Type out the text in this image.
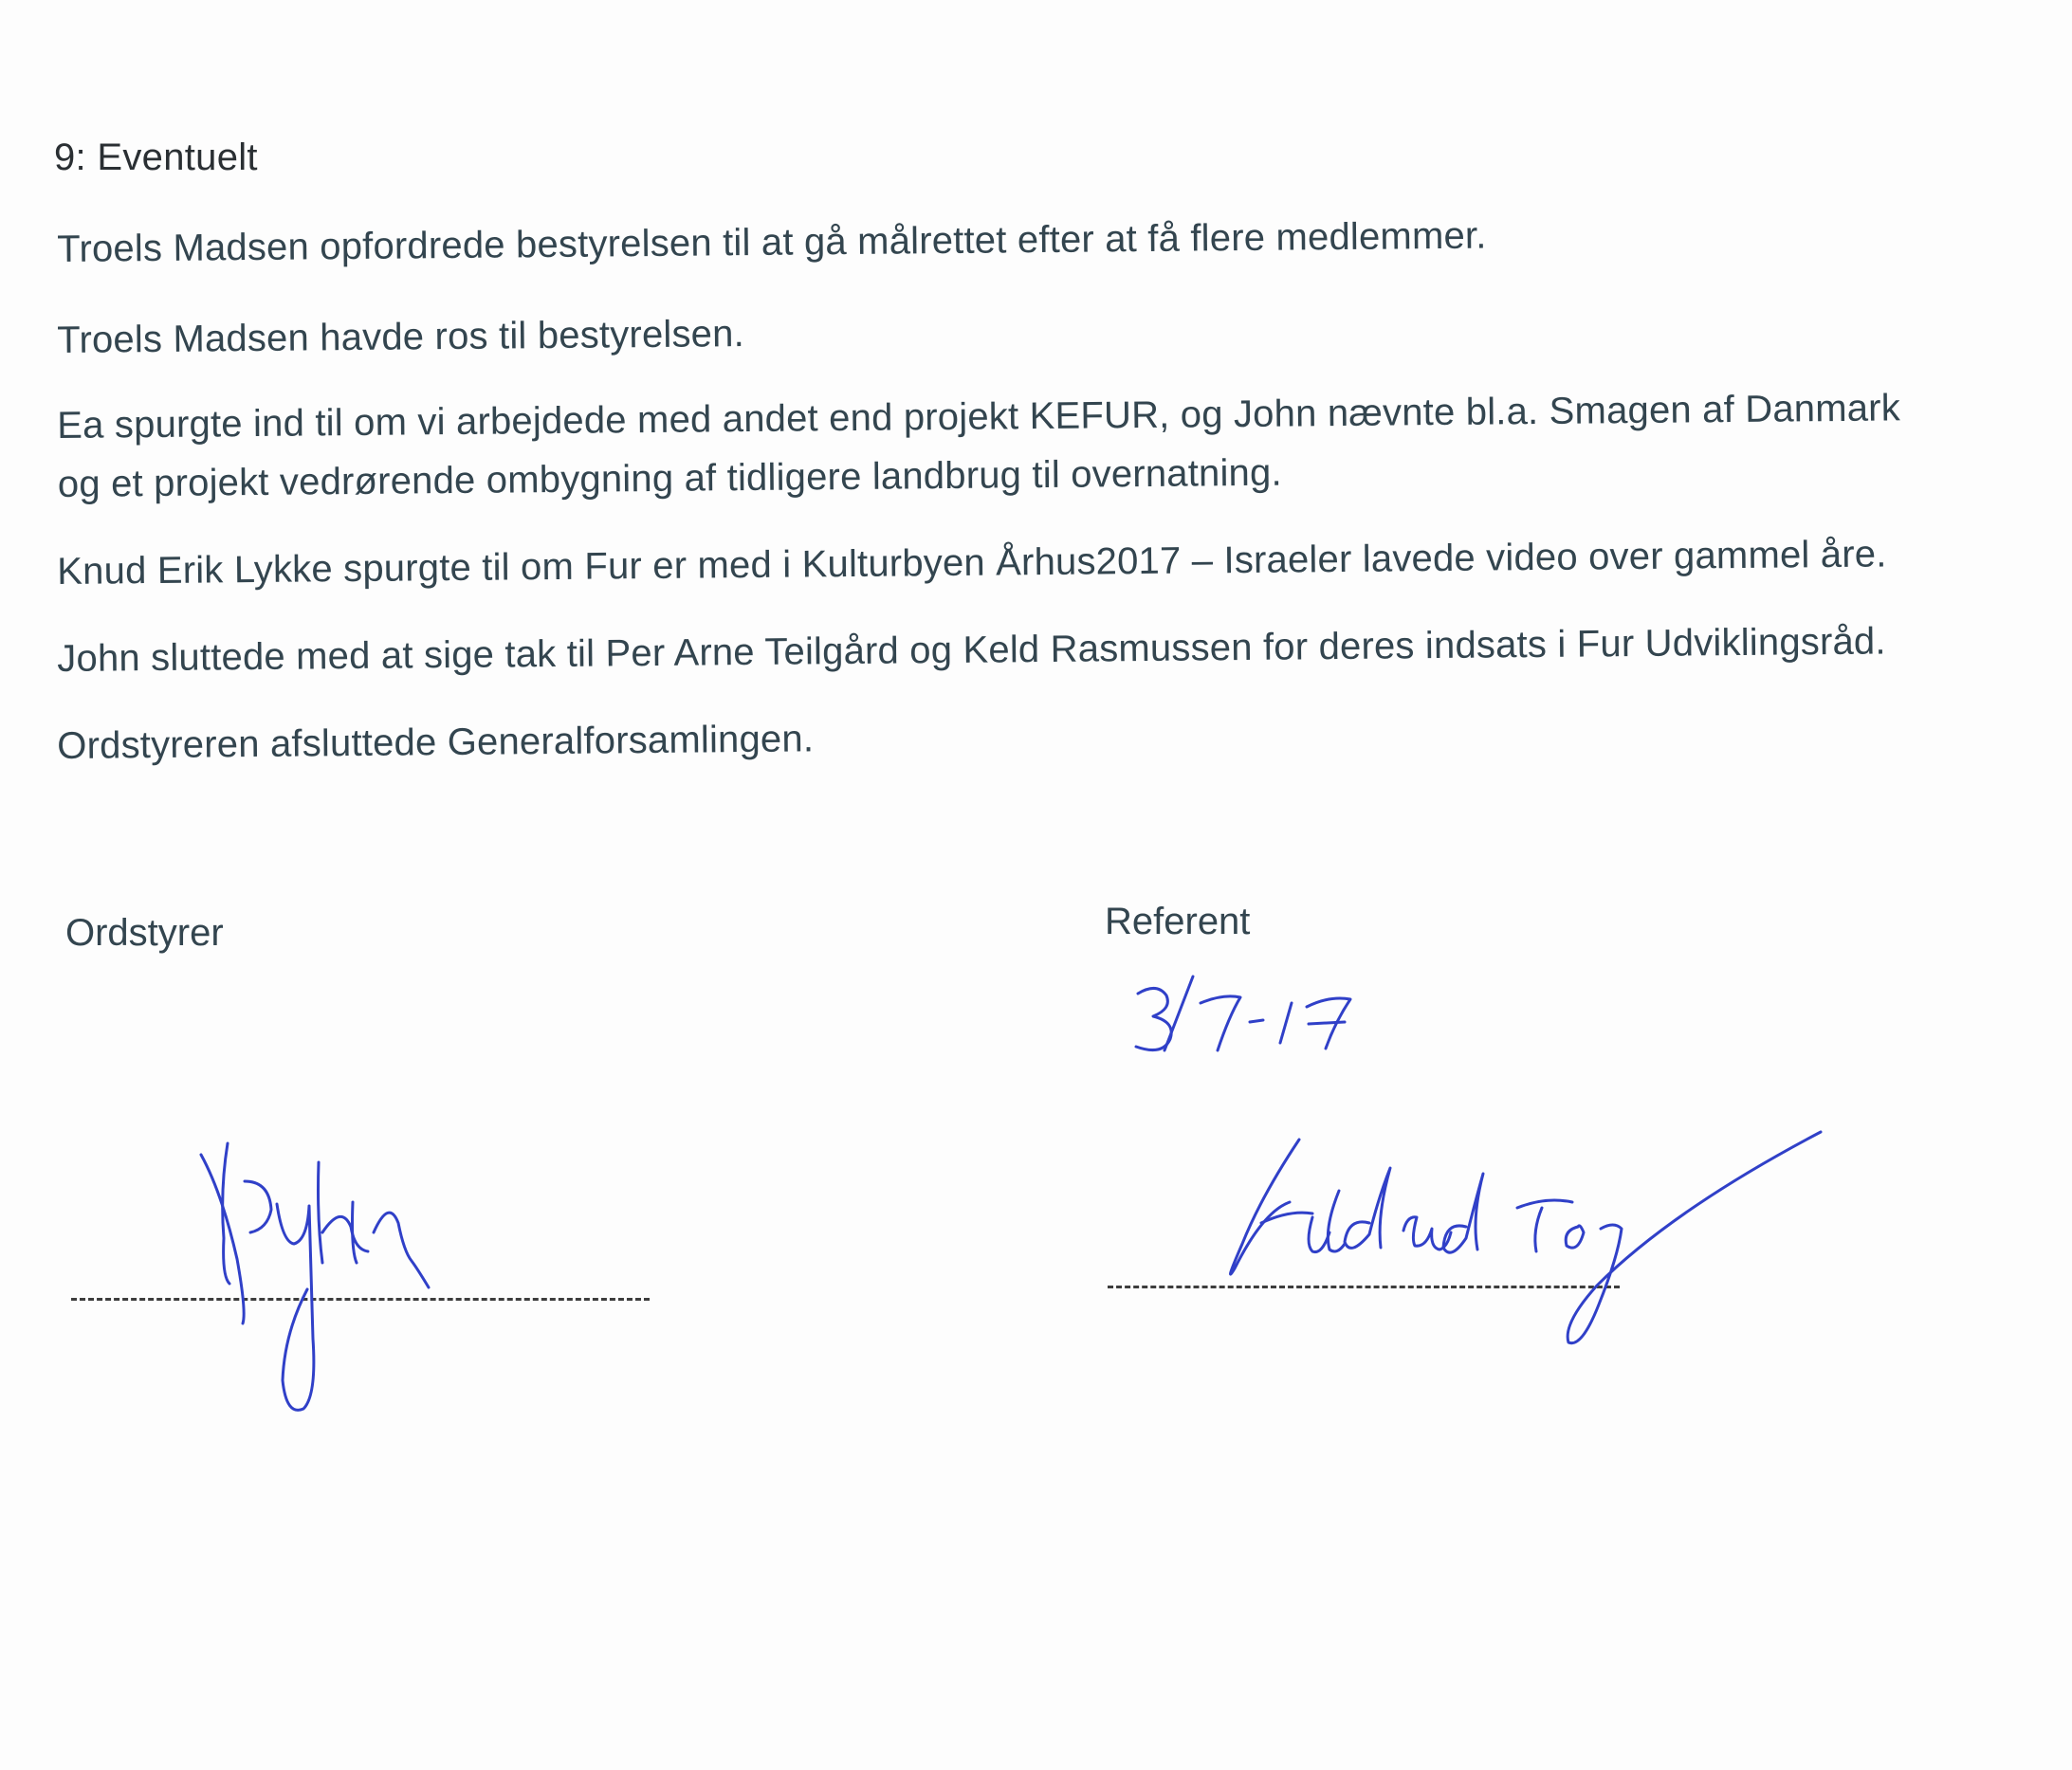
9: Eventuelt
Troels Madsen opfordrede bestyrelsen til at gå målrettet efter at få flere medlemmer.
Troels Madsen havde ros til bestyrelsen.
Ea spurgte ind til om vi arbejdede med andet end projekt KEFUR, og John nævnte bl.a. Smagen af Danmark
og et projekt vedrørende ombygning af tidligere landbrug til overnatning.
Knud Erik Lykke spurgte til om Fur er med i Kulturbyen Århus2017 – Israeler lavede video over gammel åre.
John sluttede med at sige tak til Per Arne Teilgård og Keld Rasmussen for deres indsats i Fur Udviklingsråd.
Ordstyreren afsluttede Generalforsamlingen.
Ordstyrer	Referent
